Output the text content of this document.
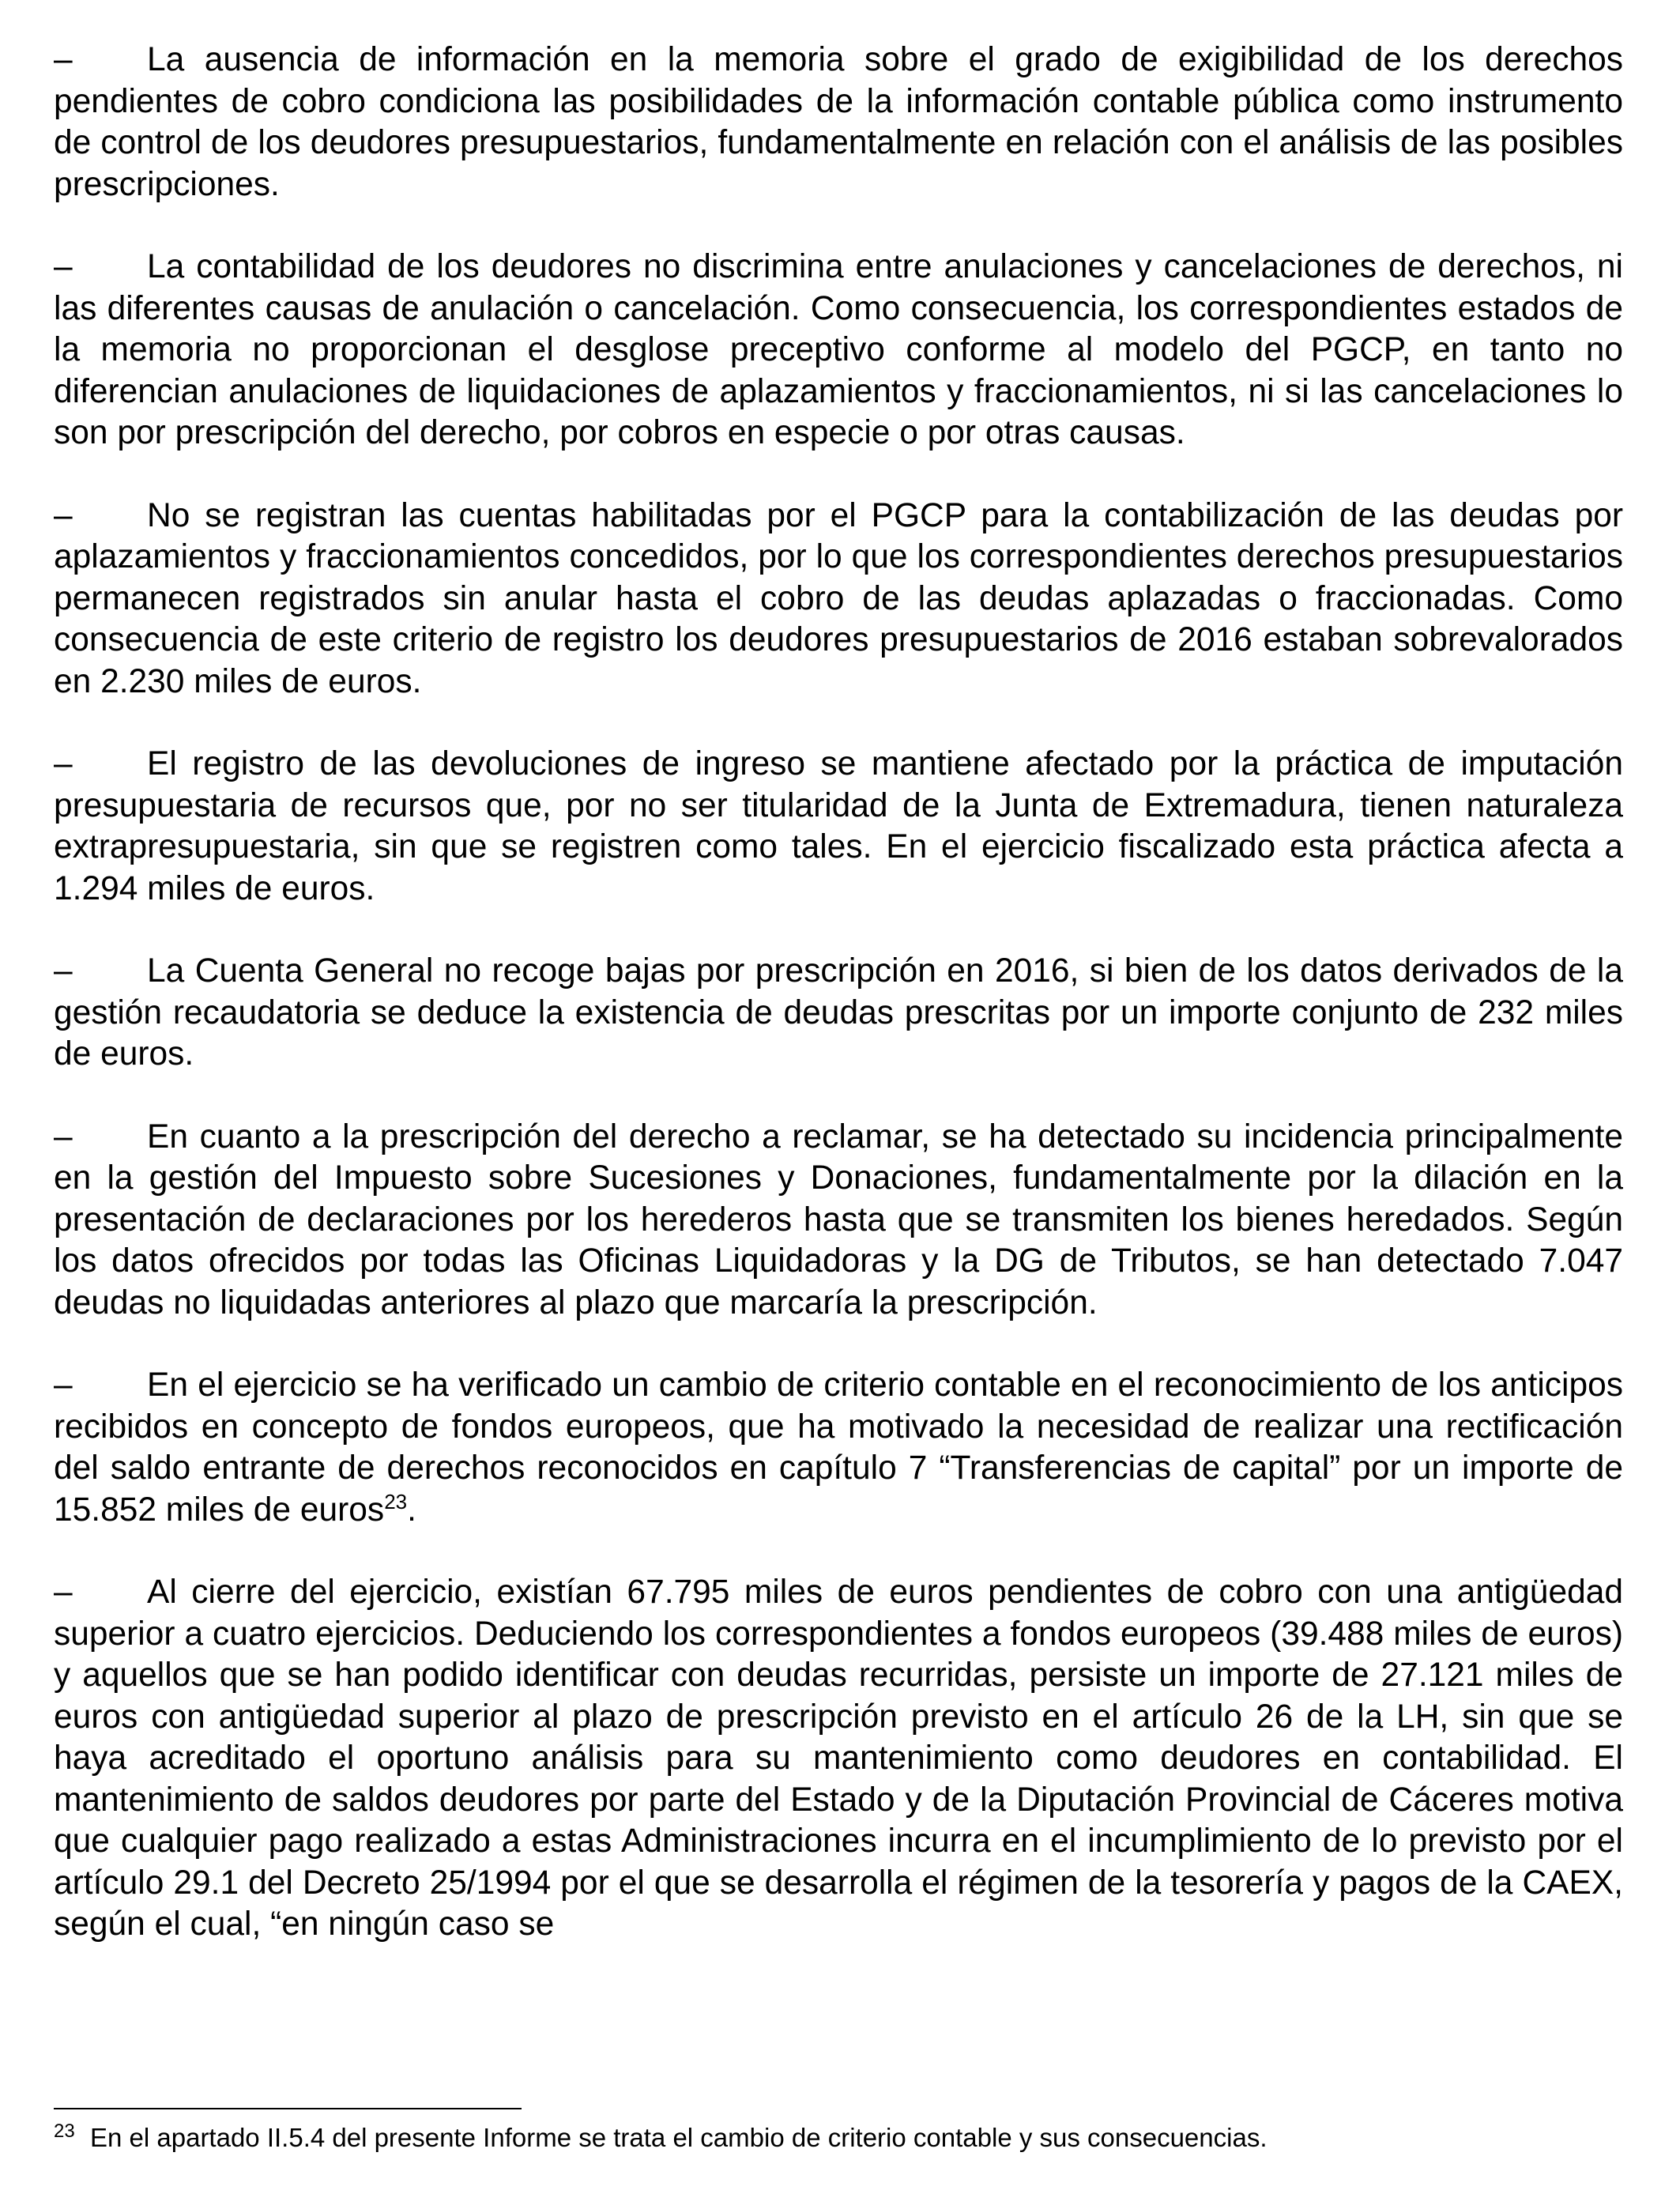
– La ausencia de información en la memoria sobre el grado de exigibilidad de los derechos pendientes de cobro condiciona las posibilidades de la información contable pública como instrumento de control de los deudores presupuestarios, fundamentalmente en relación con el análisis de las posibles prescripciones.

– La contabilidad de los deudores no discrimina entre anulaciones y cancelaciones de derechos, ni las diferentes causas de anulación o cancelación. Como consecuencia, los correspondientes estados de la memoria no proporcionan el desglose preceptivo conforme al modelo del PGCP, en tanto no diferencian anulaciones de liquidaciones de aplazamientos y fraccionamientos, ni si las cancelaciones lo son por prescripción del derecho, por cobros en especie o por otras causas.

– No se registran las cuentas habilitadas por el PGCP para la contabilización de las deudas por aplazamientos y fraccionamientos concedidos, por lo que los correspondientes derechos presupuestarios permanecen registrados sin anular hasta el cobro de las deudas aplazadas o fraccionadas. Como consecuencia de este criterio de registro los deudores presupuestarios de 2016 estaban sobrevalorados en 2.230 miles de euros.

– El registro de las devoluciones de ingreso se mantiene afectado por la práctica de imputación presupuestaria de recursos que, por no ser titularidad de la Junta de Extremadura, tienen naturaleza extrapresupuestaria, sin que se registren como tales. En el ejercicio fiscalizado esta práctica afecta a 1.294 miles de euros.

– La Cuenta General no recoge bajas por prescripción en 2016, si bien de los datos derivados de la gestión recaudatoria se deduce la existencia de deudas prescritas por un importe conjunto de 232 miles de euros.

– En cuanto a la prescripción del derecho a reclamar, se ha detectado su incidencia principalmente en la gestión del Impuesto sobre Sucesiones y Donaciones, fundamentalmente por la dilación en la presentación de declaraciones por los herederos hasta que se transmiten los bienes heredados. Según los datos ofrecidos por todas las Oficinas Liquidadoras y la DG de Tributos, se han detectado 7.047 deudas no liquidadas anteriores al plazo que marcaría la prescripción.

– En el ejercicio se ha verificado un cambio de criterio contable en el reconocimiento de los anticipos recibidos en concepto de fondos europeos, que ha motivado la necesidad de realizar una rectificación del saldo entrante de derechos reconocidos en capítulo 7 “Transferencias de capital” por un importe de 15.852 miles de euros$^{23}$.

– Al cierre del ejercicio, existían 67.795 miles de euros pendientes de cobro con una antigüedad superior a cuatro ejercicios. Deduciendo los correspondientes a fondos europeos (39.488 miles de euros) y aquellos que se han podido identificar con deudas recurridas, persiste un importe de 27.121 miles de euros con antigüedad superior al plazo de prescripción previsto en el artículo 26 de la LH, sin que se haya acreditado el oportuno análisis para su mantenimiento como deudores en contabilidad. El mantenimiento de saldos deudores por parte del Estado y de la Diputación Provincial de Cáceres motiva que cualquier pago realizado a estas Administraciones incurra en el incumplimiento de lo previsto por el artículo 29.1 del Decreto 25/1994 por el que se desarrolla el régimen de la tesorería y pagos de la CAEX, según el cual, “en ningún caso se

23 En el apartado II.5.4 del presente Informe se trata el cambio de criterio contable y sus consecuencias.
